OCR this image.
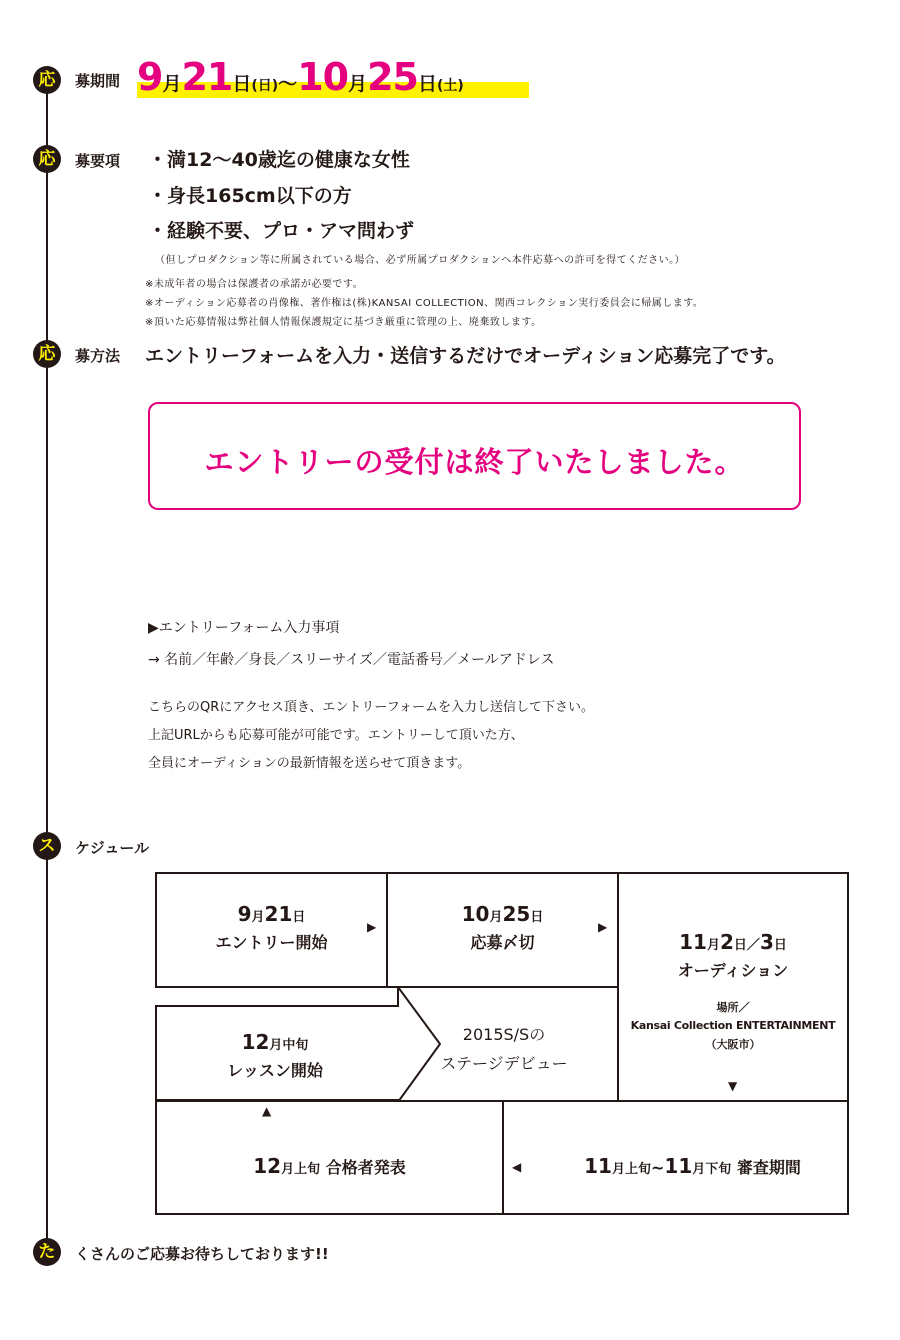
応	募期間 9月21日(日)〜10月25日(土)
応	募要項 ・満12〜40歳迄の健康な女性
・身長165cm以下の方
・経験不要、プロ・アマ問わず
（但しプロダクション等に所属されている場合、必ず所属プロダクションへ本件応募への許可を得てください。）
※未成年者の場合は保護者の承諾が必要です。
※オーディション応募者の肖像権、著作権は(株)KANSAI COLLECTION、関西コレクション実行委員会に帰属します。
※頂いた応募情報は弊社個人情報保護規定に基づき厳重に管理の上、廃棄致します。
応	募方法 エントリーフォームを入力・送信するだけでオーディション応募完了です。
エントリーの受付は終了いたしました。
▶エントリーフォーム入力事項
→ 名前／年齢／身長／スリーサイズ／電話番号／メールアドレス
こちらのQRにアクセス頂き、エントリーフォームを入力し送信して下さい。
上記URLからも応募可能が可能です。エントリーして頂いた方、
全員にオーディションの最新情報を送らせて頂きます。
ス	ケジュール
9月21日
エントリー開始
▶
10月25日
応募〆切
▶
11月2日／3日
オーディション
場所／
Kansai Collection ENTERTAINMENT
（大阪市）
▼
12月中旬
レッスン開始
2015S/Sの
ステージデビュー
12月上旬 合格者発表
▲
11月上旬~11月下旬 審査期間
◀
た	くさんのご応募お待ちしております!!
